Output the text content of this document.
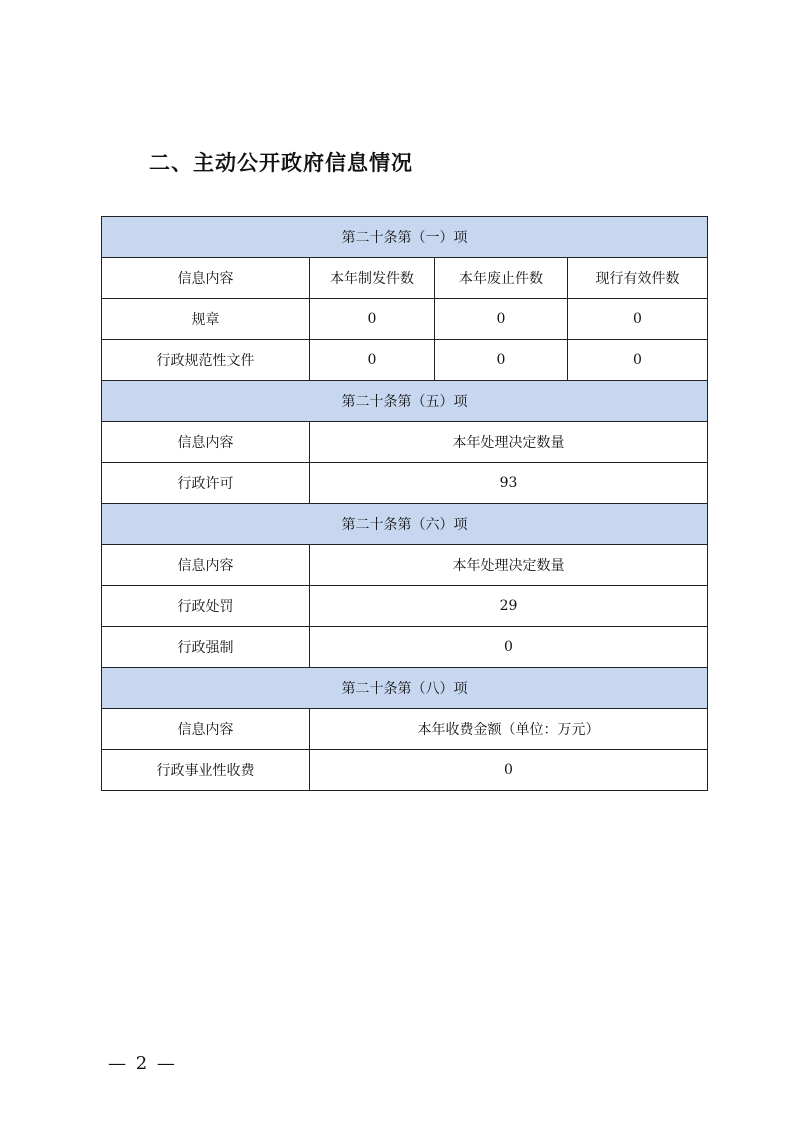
二、主动公开政府信息情况
第二十条第（一）项			
信息内容	本年制发件数	本年废止件数	现行有效件数
规章	0	0	0
行政规范性文件	0	0	0
第二十条第（五）项			
信息内容	本年处理决定数量		
行政许可	93		
第二十条第（六）项			
信息内容	本年处理决定数量		
行政处罚	29		
行政强制	0		
第二十条第（八）项			
信息内容	本年收费金额（单位：万元）		
行政事业性收费	0		
— 2 —
